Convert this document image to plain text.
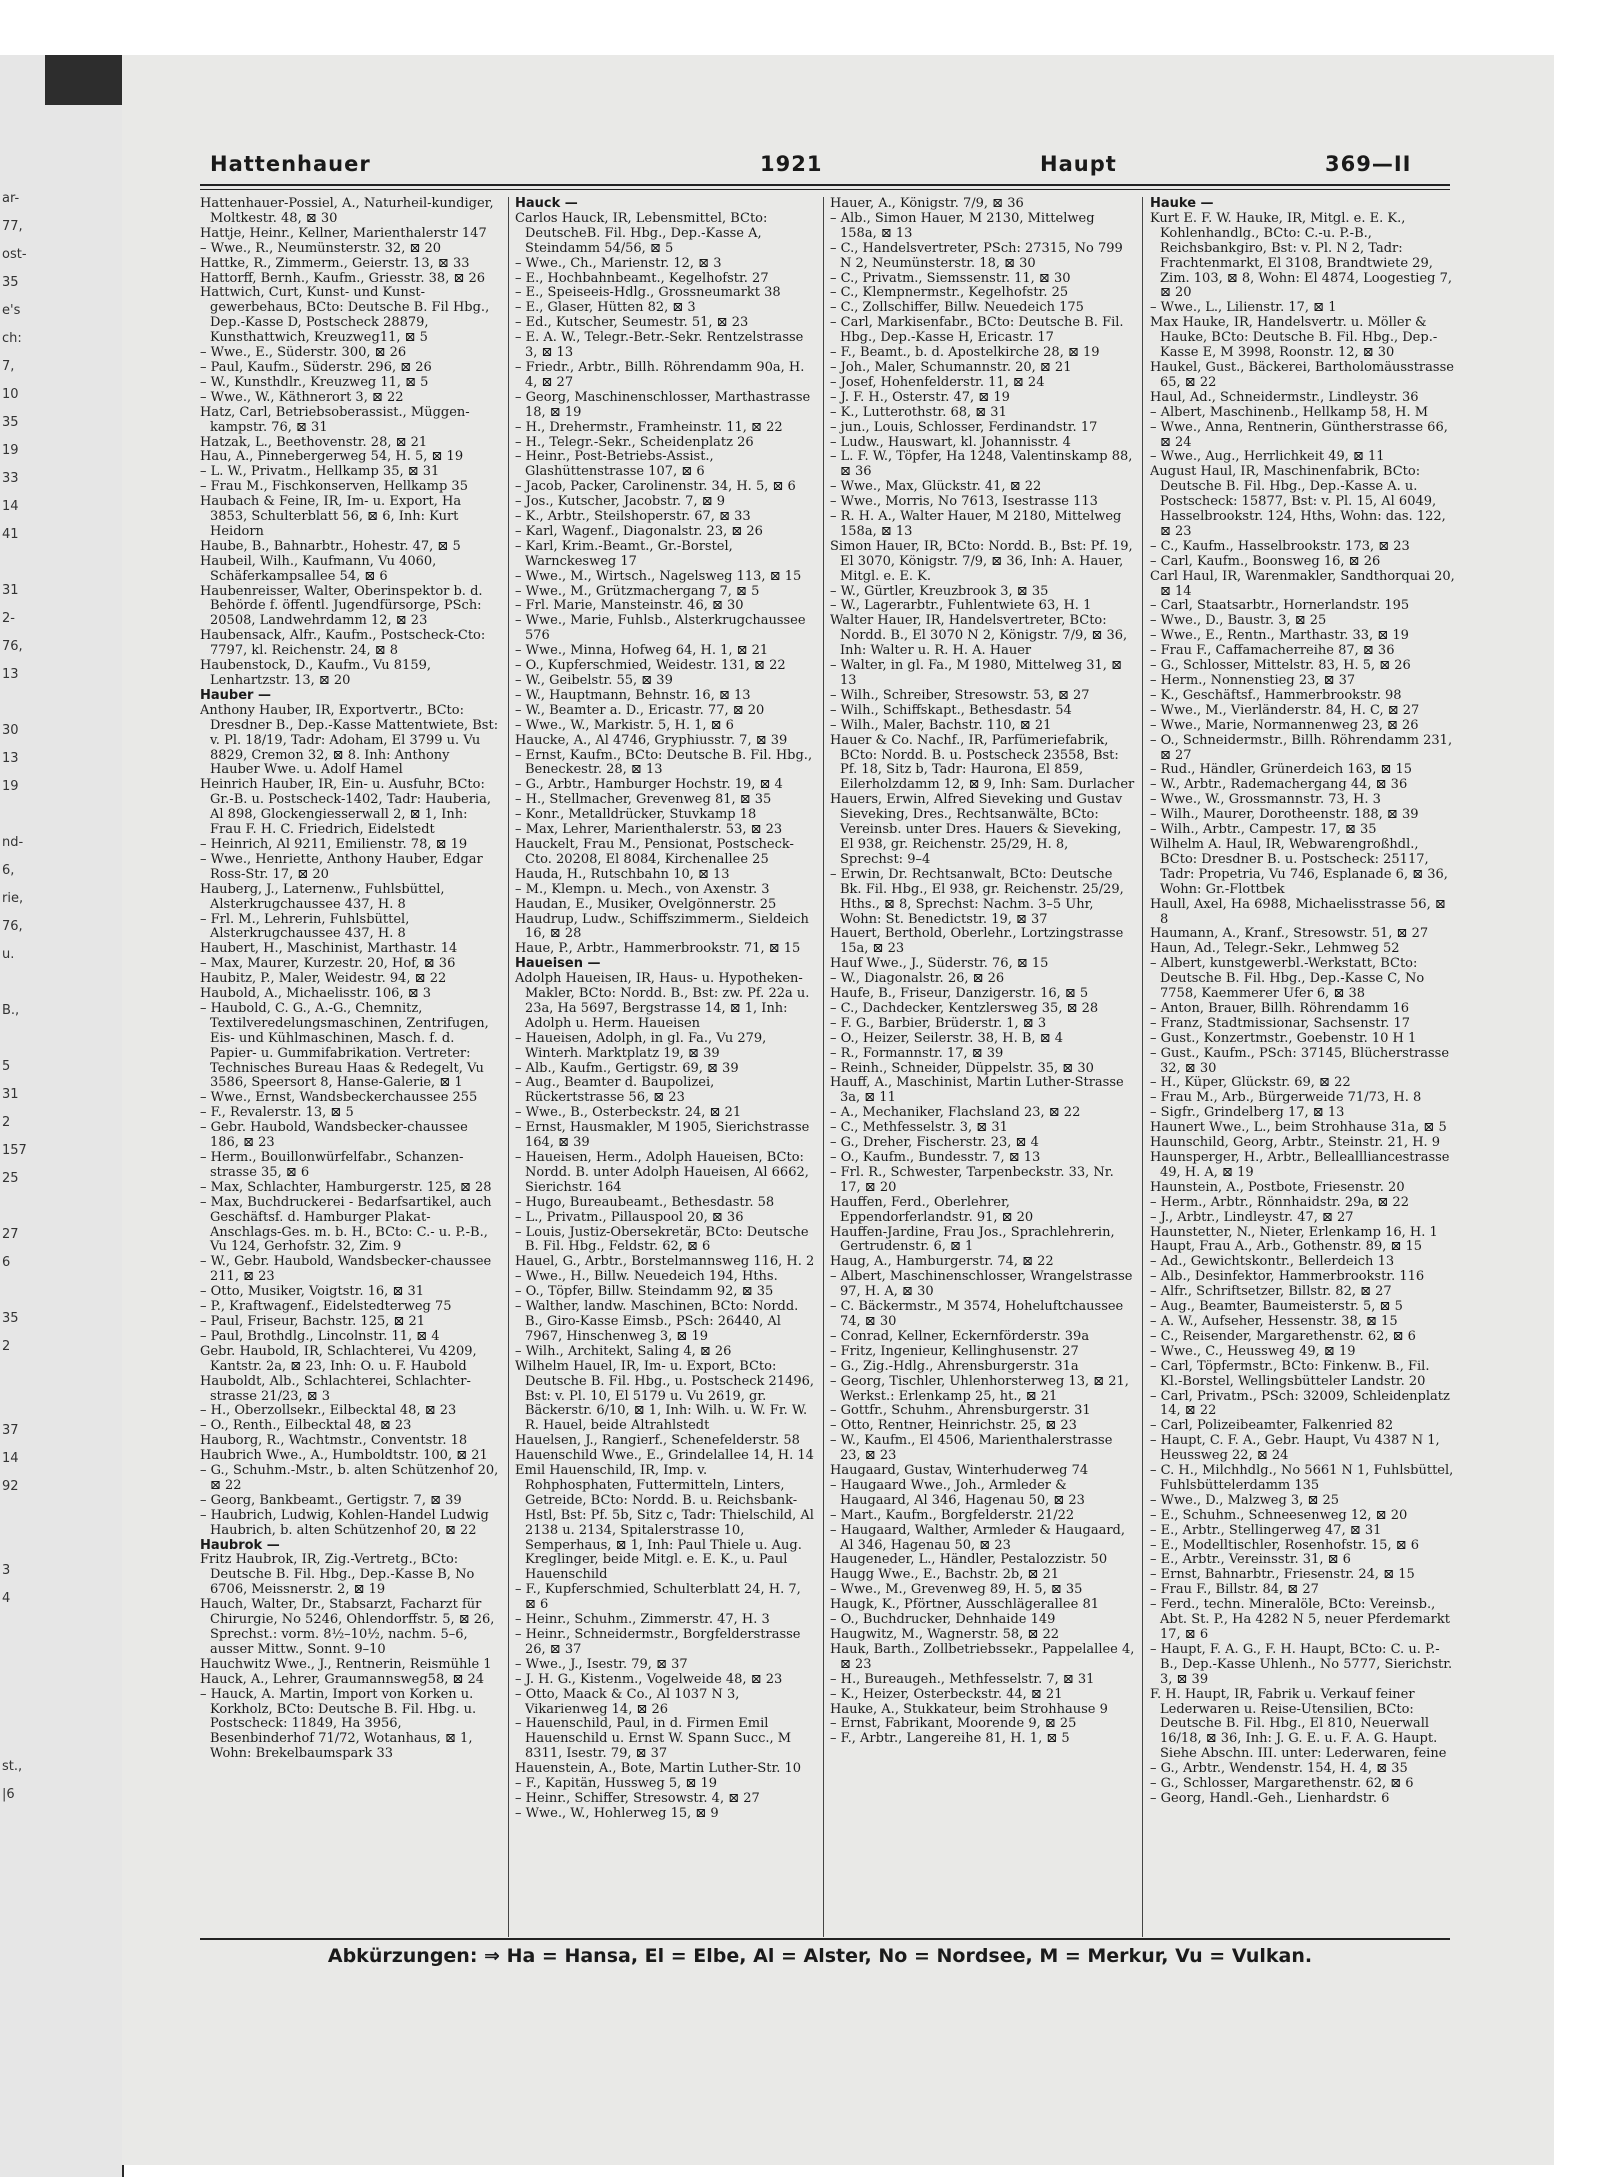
ar-
77,
ost-
35
e's
ch:
7,
10
35
19
33
14
41

31
2-
76,
13

30
13
19

nd-
6,
rie,
76,
u.

B.,

5
31
2
157
25

27
6

35
2

37
14
92

3
4

st.,
|6
Hattenhauer	1921	Haupt	369—II

Hattenhauer-Possiel, A., Naturheil-kundiger, Moltkestr. 48, ⊠ 30

Hattje, Heinr., Kellner, Marienthalerstr 147

– Wwe., R., Neumünsterstr. 32, ⊠ 20

Hattke, R., Zimmerm., Geierstr. 13, ⊠ 33

Hattorff, Bernh., Kaufm., Griesstr. 38, ⊠ 26

Hattwich, Curt, Kunst- und Kunst-gewerbehaus, BCto: Deutsche B. Fil Hbg., Dep.-Kasse D, Postscheck 28879, Kunsthattwich, Kreuzweg11, ⊠ 5

– Wwe., E., Süderstr. 300, ⊠ 26

– Paul, Kaufm., Süderstr. 296, ⊠ 26

– W., Kunsthdlr., Kreuzweg 11, ⊠ 5

– Wwe., W., Käthnerort 3, ⊠ 22

Hatz, Carl, Betriebsoberassist., Müggen-kampstr. 76, ⊠ 31

Hatzak, L., Beethovenstr. 28, ⊠ 21

Hau, A., Pinnebergerweg 54, H. 5, ⊠ 19

– L. W., Privatm., Hellkamp 35, ⊠ 31

– Frau M., Fischkonserven, Hellkamp 35

Haubach & Feine, IR, Im- u. Export, Ha 3853, Schulterblatt 56, ⊠ 6, Inh: Kurt Heidorn

Haube, B., Bahnarbtr., Hohestr. 47, ⊠ 5

Haubeil, Wilh., Kaufmann, Vu 4060, Schäferkampsallee 54, ⊠ 6

Haubenreisser, Walter, Oberinspektor b. d. Behörde f. öffentl. Jugendfürsorge, PSch: 20508, Landwehrdamm 12, ⊠ 23

Haubensack, Alfr., Kaufm., Postscheck-Cto: 7797, kl. Reichenstr. 24, ⊠ 8

Haubenstock, D., Kaufm., Vu 8159, Lenhartzstr. 13, ⊠ 20

Hauber —

Anthony Hauber, IR, Exportvertr., BCto: Dresdner B., Dep.-Kasse Mattentwiete, Bst: v. Pl. 18/19, Tadr: Adoham, El 3799 u. Vu 8829, Cremon 32, ⊠ 8. Inh: Anthony Hauber Wwe. u. Adolf Hamel

Heinrich Hauber, IR, Ein- u. Ausfuhr, BCto: Gr.-B. u. Postscheck-1402, Tadr: Hauberia, Al 898, Glockengiesserwall 2, ⊠ 1, Inh: Frau F. H. C. Friedrich, Eidelstedt

– Heinrich, Al 9211, Emilienstr. 78, ⊠ 19

– Wwe., Henriette, Anthony Hauber, Edgar Ross-Str. 17, ⊠ 20

Hauberg, J., Laternenw., Fuhlsbüttel, Alsterkrugchaussee 437, H. 8

– Frl. M., Lehrerin, Fuhlsbüttel, Alsterkrugchaussee 437, H. 8

Haubert, H., Maschinist, Marthastr. 14

– Max, Maurer, Kurzestr. 20, Hof, ⊠ 36

Haubitz, P., Maler, Weidestr. 94, ⊠ 22

Haubold, A., Michaelisstr. 106, ⊠ 3

– Haubold, C. G., A.-G., Chemnitz, Textilveredelungsmaschinen, Zentrifugen, Eis- und Kühlmaschinen, Masch. f. d. Papier- u. Gummifabrikation. Vertreter: Technisches Bureau Haas & Redegelt, Vu 3586, Speersort 8, Hanse-Galerie, ⊠ 1

– Wwe., Ernst, Wandsbeckerchaussee 255

– F., Revalerstr. 13, ⊠ 5

– Gebr. Haubold, Wandsbecker-chaussee 186, ⊠ 23

– Herm., Bouillonwürfelfabr., Schanzen-strasse 35, ⊠ 6

– Max, Schlachter, Hamburgerstr. 125, ⊠ 28

– Max, Buchdruckerei - Bedarfsartikel, auch Geschäftsf. d. Hamburger Plakat-Anschlags-Ges. m. b. H., BCto: C.- u. P.-B., Vu 124, Gerhofstr. 32, Zim. 9

– W., Gebr. Haubold, Wandsbecker-chaussee 211, ⊠ 23

– Otto, Musiker, Voigtstr. 16, ⊠ 31

– P., Kraftwagenf., Eidelstedterweg 75

– Paul, Friseur, Bachstr. 125, ⊠ 21

– Paul, Brothdlg., Lincolnstr. 11, ⊠ 4

Gebr. Haubold, IR, Schlachterei, Vu 4209, Kantstr. 2a, ⊠ 23, Inh: O. u. F. Haubold

Hauboldt, Alb., Schlachterei, Schlachter-strasse 21/23, ⊠ 3

– H., Oberzollsekr., Eilbecktal 48, ⊠ 23

– O., Renth., Eilbecktal 48, ⊠ 23

Hauborg, R., Wachtmstr., Conventstr. 18

Haubrich Wwe., A., Humboldtstr. 100, ⊠ 21

– G., Schuhm.-Mstr., b. alten Schützenhof 20, ⊠ 22

– Georg, Bankbeamt., Gertigstr. 7, ⊠ 39

– Haubrich, Ludwig, Kohlen-Handel Ludwig Haubrich, b. alten Schützenhof 20, ⊠ 22

Haubrok —

Fritz Haubrok, IR, Zig.-Vertretg., BCto: Deutsche B. Fil. Hbg., Dep.-Kasse B, No 6706, Meissnerstr. 2, ⊠ 19

Hauch, Walter, Dr., Stabsarzt, Facharzt für Chirurgie, No 5246, Ohlendorffstr. 5, ⊠ 26, Sprechst.: vorm. 8½–10½, nachm. 5–6, ausser Mittw., Sonnt. 9–10

Hauchwitz Wwe., J., Rentnerin, Reismühle 1

Hauck, A., Lehrer, Graumannsweg58, ⊠ 24

– Hauck, A. Martin, Import von Korken u. Korkholz, BCto: Deutsche B. Fil. Hbg. u. Postscheck: 11849, Ha 3956, Besenbinderhof 71/72, Wotanhaus, ⊠ 1, Wohn: Brekelbaumspark 33

Hauck —

Carlos Hauck, IR, Lebensmittel, BCto: DeutscheB. Fil. Hbg., Dep.-Kasse A, Steindamm 54/56, ⊠ 5

– Wwe., Ch., Marienstr. 12, ⊠ 3

– E., Hochbahnbeamt., Kegelhofstr. 27

– E., Speiseeis-Hdlg., Grossneumarkt 38

– E., Glaser, Hütten 82, ⊠ 3

– Ed., Kutscher, Seumestr. 51, ⊠ 23

– E. A. W., Telegr.-Betr.-Sekr. Rentzelstrasse 3, ⊠ 13

– Friedr., Arbtr., Billh. Röhrendamm 90a, H. 4, ⊠ 27

– Georg, Maschinenschlosser, Marthastrasse 18, ⊠ 19

– H., Drehermstr., Framheinstr. 11, ⊠ 22

– H., Telegr.-Sekr., Scheidenplatz 26

– Heinr., Post-Betriebs-Assist., Glashüttenstrasse 107, ⊠ 6

– Jacob, Packer, Carolinenstr. 34, H. 5, ⊠ 6

– Jos., Kutscher, Jacobstr. 7, ⊠ 9

– K., Arbtr., Steilshoperstr. 67, ⊠ 33

– Karl, Wagenf., Diagonalstr. 23, ⊠ 26

– Karl, Krim.-Beamt., Gr.-Borstel, Warnckesweg 17

– Wwe., M., Wirtsch., Nagelsweg 113, ⊠ 15

– Wwe., M., Grützmachergang 7, ⊠ 5

– Frl. Marie, Mansteinstr. 46, ⊠ 30

– Wwe., Marie, Fuhlsb., Alsterkrugchaussee 576

– Wwe., Minna, Hofweg 64, H. 1, ⊠ 21

– O., Kupferschmied, Weidestr. 131, ⊠ 22

– W., Geibelstr. 55, ⊠ 39

– W., Hauptmann, Behnstr. 16, ⊠ 13

– W., Beamter a. D., Ericastr. 77, ⊠ 20

– Wwe., W., Markistr. 5, H. 1, ⊠ 6

Haucke, A., Al 4746, Gryphiusstr. 7, ⊠ 39

– Ernst, Kaufm., BCto: Deutsche B. Fil. Hbg., Beneckestr. 28, ⊠ 13

– G., Arbtr., Hamburger Hochstr. 19, ⊠ 4

– H., Stellmacher, Grevenweg 81, ⊠ 35

– Konr., Metalldrücker, Stuvkamp 18

– Max, Lehrer, Marienthalerstr. 53, ⊠ 23

Hauckelt, Frau M., Pensionat, Postscheck-Cto. 20208, El 8084, Kirchenallee 25

Hauda, H., Rutschbahn 10, ⊠ 13

– M., Klempn. u. Mech., von Axenstr. 3

Haudan, E., Musiker, Ovelgönnerstr. 25

Haudrup, Ludw., Schiffszimmerm., Sieldeich 16, ⊠ 28

Haue, P., Arbtr., Hammerbrookstr. 71, ⊠ 15

Haueisen —

Adolph Haueisen, IR, Haus- u. Hypotheken-Makler, BCto: Nordd. B., Bst: zw. Pf. 22a u. 23a, Ha 5697, Bergstrasse 14, ⊠ 1, Inh: Adolph u. Herm. Haueisen

– Haueisen, Adolph, in gl. Fa., Vu 279, Winterh. Marktplatz 19, ⊠ 39

– Alb., Kaufm., Gertigstr. 69, ⊠ 39

– Aug., Beamter d. Baupolizei, Rückertstrasse 56, ⊠ 23

– Wwe., B., Osterbeckstr. 24, ⊠ 21

– Ernst, Hausmakler, M 1905, Sierichstrasse 164, ⊠ 39

– Haueisen, Herm., Adolph Haueisen, BCto: Nordd. B. unter Adolph Haueisen, Al 6662, Sierichstr. 164

– Hugo, Bureaubeamt., Bethesdastr. 58

– L., Privatm., Pillauspool 20, ⊠ 36

– Louis, Justiz-Obersekretär, BCto: Deutsche B. Fil. Hbg., Feldstr. 62, ⊠ 6

Hauel, G., Arbtr., Borstelmannsweg 116, H. 2

– Wwe., H., Billw. Neuedeich 194, Hths.

– O., Töpfer, Billw. Steindamm 92, ⊠ 35

– Walther, landw. Maschinen, BCto: Nordd. B., Giro-Kasse Eimsb., PSch: 26440, Al 7967, Hinschenweg 3, ⊠ 19

– Wilh., Architekt, Saling 4, ⊠ 26

Wilhelm Hauel, IR, Im- u. Export, BCto: Deutsche B. Fil. Hbg., u. Postscheck 21496, Bst: v. Pl. 10, El 5179 u. Vu 2619, gr. Bäckerstr. 6/10, ⊠ 1, Inh: Wilh. u. W. Fr. W. R. Hauel, beide Altrahlstedt

Hauelsen, J., Rangierf., Schenefelderstr. 58

Hauenschild Wwe., E., Grindelallee 14, H. 14

Emil Hauenschild, IR, Imp. v. Rohphosphaten, Futtermitteln, Linters, Getreide, BCto: Nordd. B. u. Reichsbank-Hstl, Bst: Pf. 5b, Sitz c, Tadr: Thielschild, Al 2138 u. 2134, Spitalerstrasse 10, Semperhaus, ⊠ 1, Inh: Paul Thiele u. Aug. Kreglinger, beide Mitgl. e. E. K., u. Paul Hauenschild

– F., Kupferschmied, Schulterblatt 24, H. 7, ⊠ 6

– Heinr., Schuhm., Zimmerstr. 47, H. 3

– Heinr., Schneidermstr., Borgfelderstrasse 26, ⊠ 37

– Wwe., J., Isestr. 79, ⊠ 37

– J. H. G., Kistenm., Vogelweide 48, ⊠ 23

– Otto, Maack & Co., Al 1037 N 3, Vikarienweg 14, ⊠ 26

– Hauenschild, Paul, in d. Firmen Emil Hauenschild u. Ernst W. Spann Succ., M 8311, Isestr. 79, ⊠ 37

Hauenstein, A., Bote, Martin Luther-Str. 10

– F., Kapitän, Hussweg 5, ⊠ 19

– Heinr., Schiffer, Stresowstr. 4, ⊠ 27

– Wwe., W., Hohlerweg 15, ⊠ 9

Hauer, A., Königstr. 7/9, ⊠ 36

– Alb., Simon Hauer, M 2130, Mittelweg 158a, ⊠ 13

– C., Handelsvertreter, PSch: 27315, No 799 N 2, Neumünsterstr. 18, ⊠ 30

– C., Privatm., Siemssenstr. 11, ⊠ 30

– C., Klempnermstr., Kegelhofstr. 25

– C., Zollschiffer, Billw. Neuedeich 175

– Carl, Markisenfabr., BCto: Deutsche B. Fil. Hbg., Dep.-Kasse H, Ericastr. 17

– F., Beamt., b. d. Apostelkirche 28, ⊠ 19

– Joh., Maler, Schumannstr. 20, ⊠ 21

– Josef, Hohenfelderstr. 11, ⊠ 24

– J. F. H., Osterstr. 47, ⊠ 19

– K., Lutterothstr. 68, ⊠ 31

– jun., Louis, Schlosser, Ferdinandstr. 17

– Ludw., Hauswart, kl. Johannisstr. 4

– L. F. W., Töpfer, Ha 1248, Valentinskamp 88, ⊠ 36

– Wwe., Max, Glückstr. 41, ⊠ 22

– Wwe., Morris, No 7613, Isestrasse 113

– R. H. A., Walter Hauer, M 2180, Mittelweg 158a, ⊠ 13

Simon Hauer, IR, BCto: Nordd. B., Bst: Pf. 19, El 3070, Königstr. 7/9, ⊠ 36, Inh: A. Hauer, Mitgl. e. E. K.

– W., Gürtler, Kreuzbrook 3, ⊠ 35

– W., Lagerarbtr., Fuhlentwiete 63, H. 1

Walter Hauer, IR, Handelsvertreter, BCto: Nordd. B., El 3070 N 2, Königstr. 7/9, ⊠ 36, Inh: Walter u. R. H. A. Hauer

– Walter, in gl. Fa., M 1980, Mittelweg 31, ⊠ 13

– Wilh., Schreiber, Stresowstr. 53, ⊠ 27

– Wilh., Schiffskapt., Bethesdastr. 54

– Wilh., Maler, Bachstr. 110, ⊠ 21

Hauer & Co. Nachf., IR, Parfümeriefabrik, BCto: Nordd. B. u. Postscheck 23558, Bst: Pf. 18, Sitz b, Tadr: Haurona, El 859, Eilerholzdamm 12, ⊠ 9, Inh: Sam. Durlacher

Hauers, Erwin, Alfred Sieveking und Gustav Sieveking, Dres., Rechtsanwälte, BCto: Vereinsb. unter Dres. Hauers & Sieveking, El 938, gr. Reichenstr. 25/29, H. 8, Sprechst: 9–4

– Erwin, Dr. Rechtsanwalt, BCto: Deutsche Bk. Fil. Hbg., El 938, gr. Reichenstr. 25/29, Hths., ⊠ 8, Sprechst: Nachm. 3–5 Uhr, Wohn: St. Benedictstr. 19, ⊠ 37

Hauert, Berthold, Oberlehr., Lortzingstrasse 15a, ⊠ 23

Hauf Wwe., J., Süderstr. 76, ⊠ 15

– W., Diagonalstr. 26, ⊠ 26

Haufe, B., Friseur, Danzigerstr. 16, ⊠ 5

– C., Dachdecker, Kentzlersweg 35, ⊠ 28

– F. G., Barbier, Brüderstr. 1, ⊠ 3

– O., Heizer, Seilerstr. 38, H. B, ⊠ 4

– R., Formannstr. 17, ⊠ 39

– Reinh., Schneider, Düppelstr. 35, ⊠ 30

Hauff, A., Maschinist, Martin Luther-Strasse 3a, ⊠ 11

– A., Mechaniker, Flachsland 23, ⊠ 22

– C., Methfesselstr. 3, ⊠ 31

– G., Dreher, Fischerstr. 23, ⊠ 4

– O., Kaufm., Bundesstr. 7, ⊠ 13

– Frl. R., Schwester, Tarpenbeckstr. 33, Nr. 17, ⊠ 20

Hauffen, Ferd., Oberlehrer, Eppendorferlandstr. 91, ⊠ 20

Hauffen-Jardine, Frau Jos., Sprachlehrerin, Gertrudenstr. 6, ⊠ 1

Haug, A., Hamburgerstr. 74, ⊠ 22

– Albert, Maschinenschlosser, Wrangelstrasse 97, H. A, ⊠ 30

– C. Bäckermstr., M 3574, Hoheluftchaussee 74, ⊠ 30

– Conrad, Kellner, Eckernförderstr. 39a

– Fritz, Ingenieur, Kellinghusenstr. 27

– G., Zig.-Hdlg., Ahrensburgerstr. 31a

– Georg, Tischler, Uhlenhorsterweg 13, ⊠ 21, Werkst.: Erlenkamp 25, ht., ⊠ 21

– Gottfr., Schuhm., Ahrensburgerstr. 31

– Otto, Rentner, Heinrichstr. 25, ⊠ 23

– W., Kaufm., El 4506, Marienthalerstrasse 23, ⊠ 23

Haugaard, Gustav, Winterhuderweg 74

– Haugaard Wwe., Joh., Armleder & Haugaard, Al 346, Hagenau 50, ⊠ 23

– Mart., Kaufm., Borgfelderstr. 21/22

– Haugaard, Walther, Armleder & Haugaard, Al 346, Hagenau 50, ⊠ 23

Haugeneder, L., Händler, Pestalozzistr. 50

Haugg Wwe., E., Bachstr. 2b, ⊠ 21

– Wwe., M., Grevenweg 89, H. 5, ⊠ 35

Haugk, K., Pförtner, Ausschlägerallee 81

– O., Buchdrucker, Dehnhaide 149

Haugwitz, M., Wagnerstr. 58, ⊠ 22

Hauk, Barth., Zollbetriebssekr., Pappelallee 4, ⊠ 23

– H., Bureaugeh., Methfesselstr. 7, ⊠ 31

– K., Heizer, Osterbeckstr. 44, ⊠ 21

Hauke, A., Stukkateur, beim Strohhause 9

– Ernst, Fabrikant, Moorende 9, ⊠ 25

– F., Arbtr., Langereihe 81, H. 1, ⊠ 5

Hauke —

Kurt E. F. W. Hauke, IR, Mitgl. e. E. K., Kohlenhandlg., BCto: C.-u. P.-B., Reichsbankgiro, Bst: v. Pl. N 2, Tadr: Frachtenmarkt, El 3108, Brandtwiete 29, Zim. 103, ⊠ 8, Wohn: El 4874, Loogestieg 7, ⊠ 20

– Wwe., L., Lilienstr. 17, ⊠ 1

Max Hauke, IR, Handelsvertr. u. Möller & Hauke, BCto: Deutsche B. Fil. Hbg., Dep.-Kasse E, M 3998, Roonstr. 12, ⊠ 30

Haukel, Gust., Bäckerei, Bartholomäusstrasse 65, ⊠ 22

Haul, Ad., Schneidermstr., Lindleystr. 36

– Albert, Maschinenb., Hellkamp 58, H. M

– Wwe., Anna, Rentnerin, Güntherstrasse 66, ⊠ 24

– Wwe., Aug., Herrlichkeit 49, ⊠ 11

August Haul, IR, Maschinenfabrik, BCto: Deutsche B. Fil. Hbg., Dep.-Kasse A. u. Postscheck: 15877, Bst: v. Pl. 15, Al 6049, Hasselbrookstr. 124, Hths, Wohn: das. 122, ⊠ 23

– C., Kaufm., Hasselbrookstr. 173, ⊠ 23

– Carl, Kaufm., Boonsweg 16, ⊠ 26

Carl Haul, IR, Warenmakler, Sandthorquai 20, ⊠ 14

– Carl, Staatsarbtr., Hornerlandstr. 195

– Wwe., D., Baustr. 3, ⊠ 25

– Wwe., E., Rentn., Marthastr. 33, ⊠ 19

– Frau F., Caffamacherreihe 87, ⊠ 36

– G., Schlosser, Mittelstr. 83, H. 5, ⊠ 26

– Herm., Nonnenstieg 23, ⊠ 37

– K., Geschäftsf., Hammerbrookstr. 98

– Wwe., M., Vierländerstr. 84, H. C, ⊠ 27

– Wwe., Marie, Normannenweg 23, ⊠ 26

– O., Schneidermstr., Billh. Röhrendamm 231, ⊠ 27

– Rud., Händler, Grünerdeich 163, ⊠ 15

– W., Arbtr., Rademachergang 44, ⊠ 36

– Wwe., W., Grossmannstr. 73, H. 3

– Wilh., Maurer, Dorotheenstr. 188, ⊠ 39

– Wilh., Arbtr., Campestr. 17, ⊠ 35

Wilhelm A. Haul, IR, Webwarengroßhdl., BCto: Dresdner B. u. Postscheck: 25117, Tadr: Propetria, Vu 746, Esplanade 6, ⊠ 36, Wohn: Gr.-Flottbek

Haull, Axel, Ha 6988, Michaelisstrasse 56, ⊠ 8

Haumann, A., Kranf., Stresowstr. 51, ⊠ 27

Haun, Ad., Telegr.-Sekr., Lehmweg 52

– Albert, kunstgewerbl.-Werkstatt, BCto: Deutsche B. Fil. Hbg., Dep.-Kasse C, No 7758, Kaemmerer Ufer 6, ⊠ 38

– Anton, Brauer, Billh. Röhrendamm 16

– Franz, Stadtmissionar, Sachsenstr. 17

– Gust., Konzertmstr., Goebenstr. 10 H 1

– Gust., Kaufm., PSch: 37145, Blücherstrasse 32, ⊠ 30

– H., Küper, Glückstr. 69, ⊠ 22

– Frau M., Arb., Bürgerweide 71/73, H. 8

– Sigfr., Grindelberg 17, ⊠ 13

Haunert Wwe., L., beim Strohhause 31a, ⊠ 5

Haunschild, Georg, Arbtr., Steinstr. 21, H. 9

Haunsperger, H., Arbtr., Belleallliancestrasse 49, H. A, ⊠ 19

Haunstein, A., Postbote, Friesenstr. 20

– Herm., Arbtr., Rönnhaidstr. 29a, ⊠ 22

– J., Arbtr., Lindleystr. 47, ⊠ 27

Haunstetter, N., Nieter, Erlenkamp 16, H. 1

Haupt, Frau A., Arb., Gothenstr. 89, ⊠ 15

– Ad., Gewichtskontr., Bellerdeich 13

– Alb., Desinfektor, Hammerbrookstr. 116

– Alfr., Schriftsetzer, Billstr. 82, ⊠ 27

– Aug., Beamter, Baumeisterstr. 5, ⊠ 5

– A. W., Aufseher, Hessenstr. 38, ⊠ 15

– C., Reisender, Margarethenstr. 62, ⊠ 6

– Wwe., C., Heussweg 49, ⊠ 19

– Carl, Töpfermstr., BCto: Finkenw. B., Fil. Kl.-Borstel, Wellingsbütteler Landstr. 20

– Carl, Privatm., PSch: 32009, Schleidenplatz 14, ⊠ 22

– Carl, Polizeibeamter, Falkenried 82

– Haupt, C. F. A., Gebr. Haupt, Vu 4387 N 1, Heussweg 22, ⊠ 24

– C. H., Milchhdlg., No 5661 N 1, Fuhlsbüttel, Fuhlsbüttelerdamm 135

– Wwe., D., Malzweg 3, ⊠ 25

– E., Schuhm., Schneesenweg 12, ⊠ 20

– E., Arbtr., Stellingerweg 47, ⊠ 31

– E., Modelltischler, Rosenhofstr. 15, ⊠ 6

– E., Arbtr., Vereinsstr. 31, ⊠ 6

– Ernst, Bahnarbtr., Friesenstr. 24, ⊠ 15

– Frau F., Billstr. 84, ⊠ 27

– Ferd., techn. Mineralöle, BCto: Vereinsb., Abt. St. P., Ha 4282 N 5, neuer Pferdemarkt 17, ⊠ 6

– Haupt, F. A. G., F. H. Haupt, BCto: C. u. P.-B., Dep.-Kasse Uhlenh., No 5777, Sierichstr. 3, ⊠ 39

F. H. Haupt, IR, Fabrik u. Verkauf feiner Lederwaren u. Reise-Utensilien, BCto: Deutsche B. Fil. Hbg., El 810, Neuerwall 16/18, ⊠ 36, Inh: J. G. E. u. F. A. G. Haupt. Siehe Abschn. III. unter: Lederwaren, feine

– G., Arbtr., Wendenstr. 154, H. 4, ⊠ 35

– G., Schlosser, Margarethenstr. 62, ⊠ 6

– Georg, Handl.-Geh., Lienhardstr. 6

Abkürzungen: ⇒ Ha = Hansa, El = Elbe, Al = Alster, No = Nordsee, M = Merkur, Vu = Vulkan.
